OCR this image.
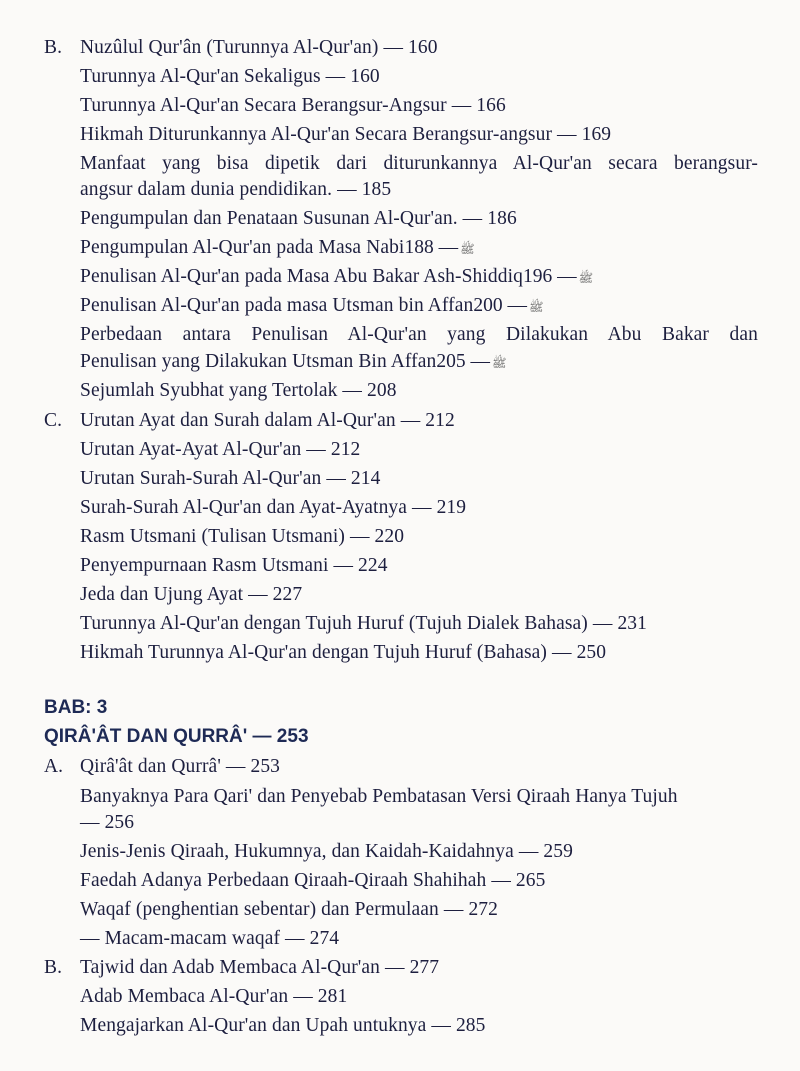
B. Nuzûlul Qur'ân (Turunnya Al-Qur'an) — 160
Turunnya Al-Qur'an Sekaligus — 160
Turunnya Al-Qur'an Secara Berangsur-Angsur — 166
Hikmah Diturunkannya Al-Qur'an Secara Berangsur-angsur — 169
Manfaat yang bisa dipetik dari diturunkannya Al-Qur'an secara berangsur-
angsur dalam dunia pendidikan. — 185
Pengumpulan dan Penataan Susunan Al-Qur'an. — 186
Pengumpulan Al-Qur'an pada Masa Nabi	ﷺ— 188
Penulisan Al-Qur'an pada Masa Abu Bakar Ash-Shiddiq	ﷺ— 196
Penulisan Al-Qur'an pada masa Utsman bin Affan	ﷺ— 200
Perbedaan antara Penulisan Al-Qur'an yang Dilakukan Abu Bakar dan
Penulisan yang Dilakukan Utsman Bin Affan	ﷺ— 205
Sejumlah Syubhat yang Tertolak — 208
C. Urutan Ayat dan Surah dalam Al-Qur'an — 212
Urutan Ayat-Ayat Al-Qur'an — 212
Urutan Surah-Surah Al-Qur'an — 214
Surah-Surah Al-Qur'an dan Ayat-Ayatnya — 219
Rasm Utsmani (Tulisan Utsmani) — 220
Penyempurnaan Rasm Utsmani — 224
Jeda dan Ujung Ayat — 227
Turunnya Al-Qur'an dengan Tujuh Huruf (Tujuh Dialek Bahasa) — 231
Hikmah Turunnya Al-Qur'an dengan Tujuh Huruf (Bahasa) — 250
BAB: 3
QIRÂ'ÂT DAN QURRÂ' — 253
A. Qirâ'ât dan Qurrâ' — 253
Banyaknya Para Qari' dan Penyebab Pembatasan Versi Qiraah Hanya Tujuh
— 256
Jenis-Jenis Qiraah, Hukumnya, dan Kaidah-Kaidahnya — 259
Faedah Adanya Perbedaan Qiraah-Qiraah Shahihah — 265
Waqaf (penghentian sebentar) dan Permulaan — 272
— Macam-macam waqaf — 274
B. Tajwid dan Adab Membaca Al-Qur'an — 277
Adab Membaca Al-Qur'an — 281
Mengajarkan Al-Qur'an dan Upah untuknya — 285
